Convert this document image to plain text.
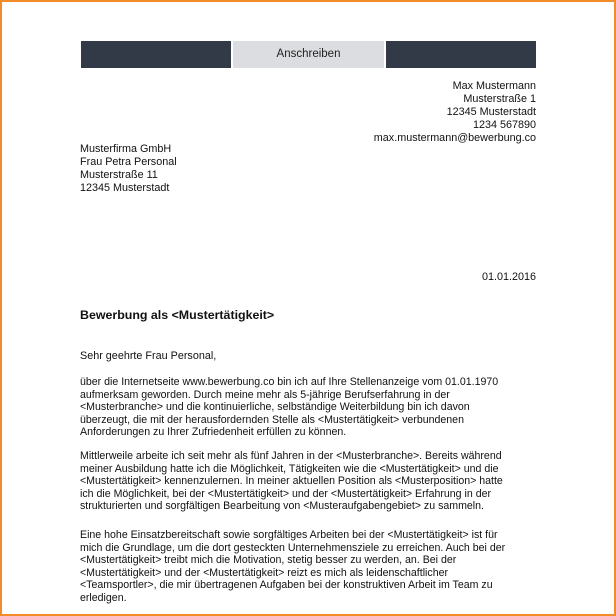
Anschreiben
Max Mustermann
Musterstraße 1
12345 Musterstadt
1234 567890
max.mustermann@bewerbung.co
Musterfirma GmbH
Frau Petra Personal
Musterstraße 11
12345 Musterstadt
01.01.2016
Bewerbung als <Mustertätigkeit>
Sehr geehrte Frau Personal,
über die Internetseite www.bewerbung.co bin ich auf Ihre Stellenanzeige vom 01.01.1970
aufmerksam geworden. Durch meine mehr als 5-jährige Berufserfahrung in der
<Musterbranche> und die kontinuierliche, selbständige Weiterbildung bin ich davon
überzeugt, die mit der herausfordernden Stelle als <Mustertätigkeit> verbundenen
Anforderungen zu Ihrer Zufriedenheit erfüllen zu können.
Mittlerweile arbeite ich seit mehr als fünf Jahren in der <Musterbranche>. Bereits während
meiner Ausbildung hatte ich die Möglichkeit, Tätigkeiten wie die <Mustertätigkeit> und die
<Mustertätigkeit> kennenzulernen. In meiner aktuellen Position als <Musterposition> hatte
ich die Möglichkeit, bei der <Mustertätigkeit> und der <Mustertätigkeit> Erfahrung in der
strukturierten und sorgfältigen Bearbeitung von <Musteraufgabengebiet> zu sammeln.
Eine hohe Einsatzbereitschaft sowie sorgfältiges Arbeiten bei der <Mustertätigkeit> ist für
mich die Grundlage, um die dort gesteckten Unternehmensziele zu erreichen. Auch bei der
<Mustertätigkeit> treibt mich die Motivation, stetig besser zu werden, an. Bei der
<Mustertätigkeit> und der <Mustertätigkeit> reizt es mich als leidenschaftlicher
<Teamsportler>, die mir übertragenen Aufgaben bei der konstruktiven Arbeit im Team zu
erledigen.
